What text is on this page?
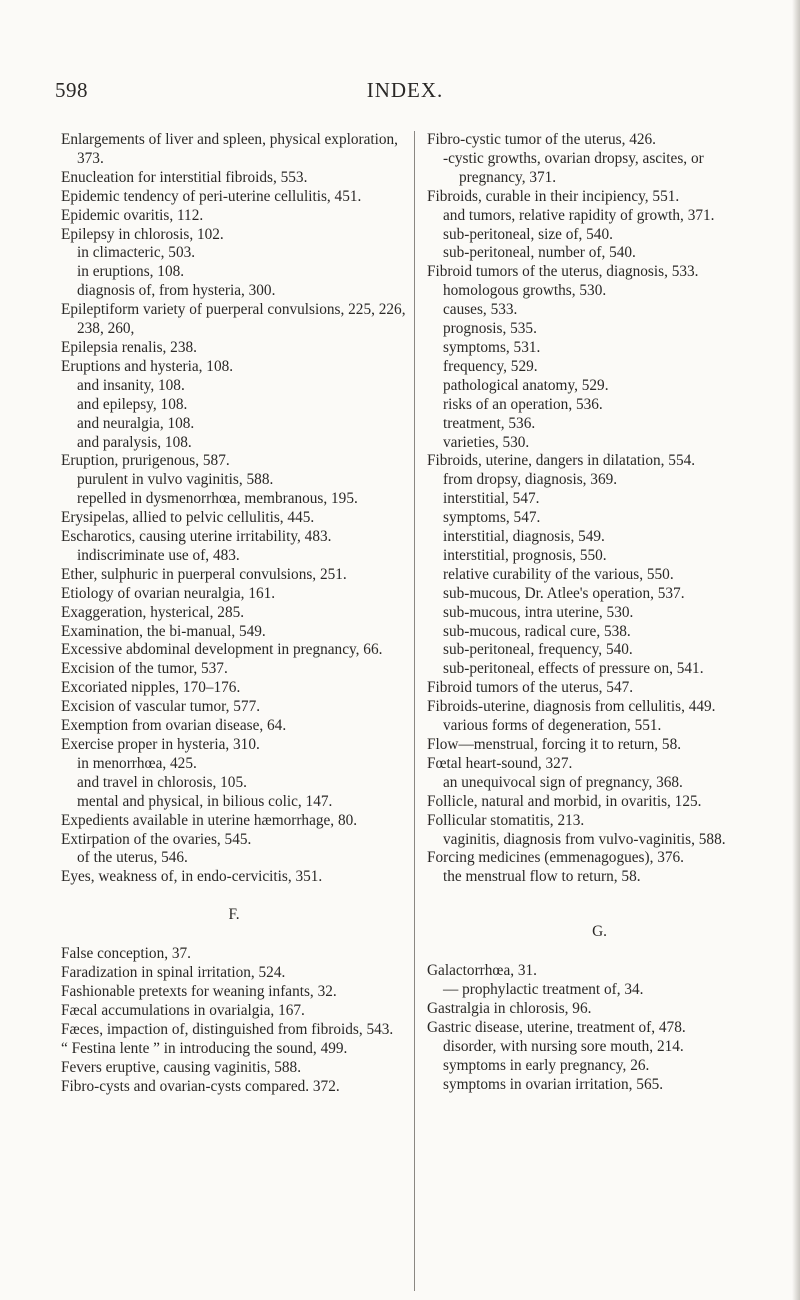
598	INDEX.
Enlargements of liver and spleen, physical exploration, 373.
Enucleation for interstitial fibroids, 553.
Epidemic tendency of peri-uterine cellulitis, 451.
Epidemic ovaritis, 112.
Epilepsy in chlorosis, 102.
in climacteric, 503.
in eruptions, 108.
diagnosis of, from hysteria, 300.
Epileptiform variety of puerperal convulsions, 225, 226, 238, 260,
Epilepsia renalis, 238.
Eruptions and hysteria, 108.
and insanity, 108.
and epilepsy, 108.
and neuralgia, 108.
and paralysis, 108.
Eruption, prurigenous, 587.
purulent in vulvo vaginitis, 588.
repelled in dysmenorrhœa, membranous, 195.
Erysipelas, allied to pelvic cellulitis, 445.
Escharotics, causing uterine irritability, 483.
indiscriminate use of, 483.
Ether, sulphuric in puerperal convulsions, 251.
Etiology of ovarian neuralgia, 161.
Exaggeration, hysterical, 285.
Examination, the bi-manual, 549.
Excessive abdominal development in pregnancy, 66.
Excision of the tumor, 537.
Excoriated nipples, 170–176.
Excision of vascular tumor, 577.
Exemption from ovarian disease, 64.
Exercise proper in hysteria, 310.
in menorrhœa, 425.
and travel in chlorosis, 105.
mental and physical, in bilious colic, 147.
Expedients available in uterine hæmorrhage, 80.
Extirpation of the ovaries, 545.
of the uterus, 546.
Eyes, weakness of, in endo-cervicitis, 351.
F.
False conception, 37.
Faradization in spinal irritation, 524.
Fashionable pretexts for weaning infants, 32.
Fæcal accumulations in ovarialgia, 167.
Fæces, impaction of, distinguished from fibroids, 543.
“ Festina lente ” in introducing the sound, 499.
Fevers eruptive, causing vaginitis, 588.
Fibro-cysts and ovarian-cysts compared. 372.
Fibro-cystic tumor of the uterus, 426.
-cystic growths, ovarian dropsy, ascites, or pregnancy, 371.
Fibroids, curable in their incipiency, 551.
and tumors, relative rapidity of growth, 371.
sub-peritoneal, size of, 540.
sub-peritoneal, number of, 540.
Fibroid tumors of the uterus, diagnosis, 533.
homologous growths, 530.
causes, 533.
prognosis, 535.
symptoms, 531.
frequency, 529.
pathological anatomy, 529.
risks of an operation, 536.
treatment, 536.
varieties, 530.
Fibroids, uterine, dangers in dilatation, 554.
from dropsy, diagnosis, 369.
interstitial, 547.
symptoms, 547.
interstitial, diagnosis, 549.
interstitial, prognosis, 550.
relative curability of the various, 550.
sub-mucous, Dr. Atlee's operation, 537.
sub-mucous, intra uterine, 530.
sub-mucous, radical cure, 538.
sub-peritoneal, frequency, 540.
sub-peritoneal, effects of pressure on, 541.
Fibroid tumors of the uterus, 547.
Fibroids-uterine, diagnosis from cellulitis, 449.
various forms of degeneration, 551.
Flow—menstrual, forcing it to return, 58.
Fœtal heart-sound, 327.
an unequivocal sign of pregnancy, 368.
Follicle, natural and morbid, in ovaritis, 125.
Follicular stomatitis, 213.
vaginitis, diagnosis from vulvo-vaginitis, 588.
Forcing medicines (emmenagogues), 376.
the menstrual flow to return, 58.
G.
Galactorrhœa, 31.
— prophylactic treatment of, 34.
Gastralgia in chlorosis, 96.
Gastric disease, uterine, treatment of, 478.
disorder, with nursing sore mouth, 214.
symptoms in early pregnancy, 26.
symptoms in ovarian irritation, 565.
